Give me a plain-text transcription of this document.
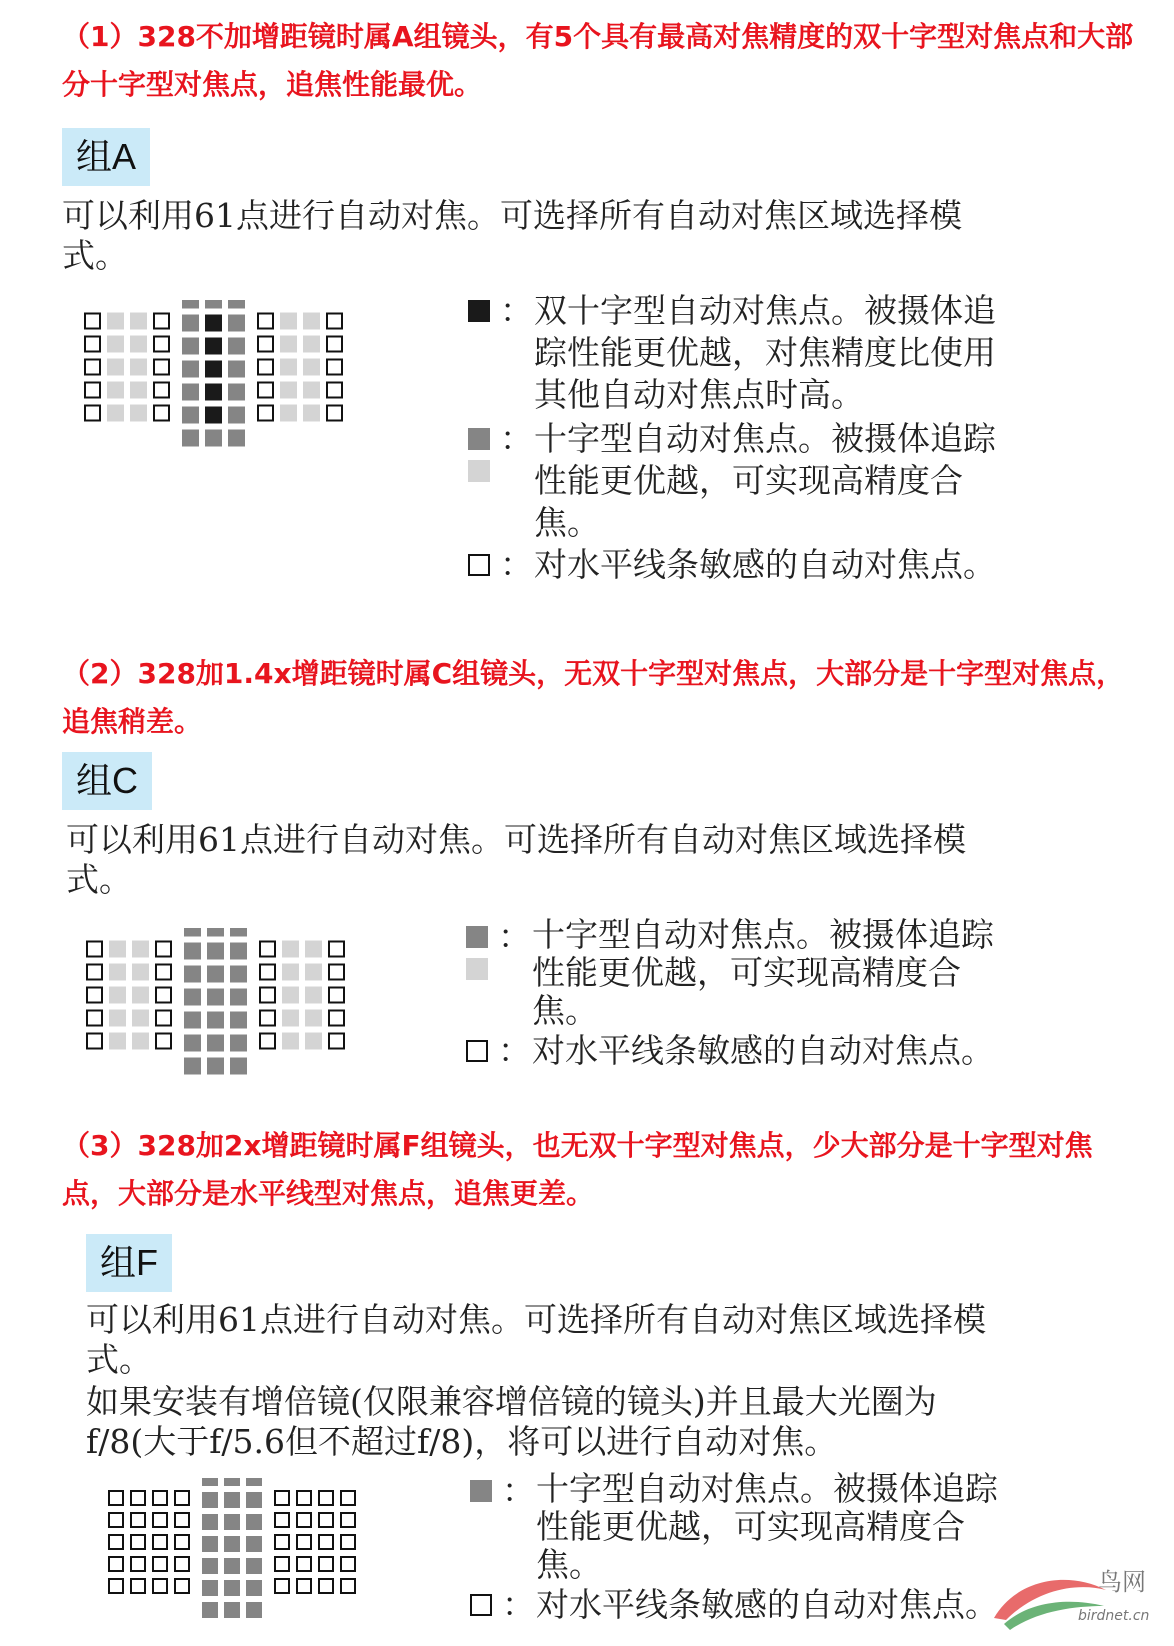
（1）328不加增距镜时属A组镜头，有5个具有最高对焦精度的双十字型对焦点和大部分十字型对焦点，追焦性能最优。

组A

可以利用61点进行自动对焦。可选择所有自动对焦区域选择模式。

： 双十字型自动对焦点。被摄体追踪性能更优越，对焦精度比使用其他自动对焦点时高。
： 十字型自动对焦点。被摄体追踪性能更优越，可实现高精度合焦。
： 对水平线条敏感的自动对焦点。

（2）328加1.4x增距镜时属C组镜头，无双十字型对焦点，大部分是十字型对焦点，追焦稍差。

组C

可以利用61点进行自动对焦。可选择所有自动对焦区域选择模式。

： 十字型自动对焦点。被摄体追踪性能更优越，可实现高精度合焦。
： 对水平线条敏感的自动对焦点。

（3）328加2x增距镜时属F组镜头，也无双十字型对焦点，少大部分是十字型对焦点，大部分是水平线型对焦点，追焦更差。

组F

可以利用61点进行自动对焦。可选择所有自动对焦区域选择模式。

如果安装有增倍镜(仅限兼容增倍镜的镜头)并且最大光圈为f/8(大于f/5.6但不超过f/8)，将可以进行自动对焦。

： 十字型自动对焦点。被摄体追踪性能更优越，可实现高精度合焦。
： 对水平线条敏感的自动对焦点。
鸟网
birdnet.cn
